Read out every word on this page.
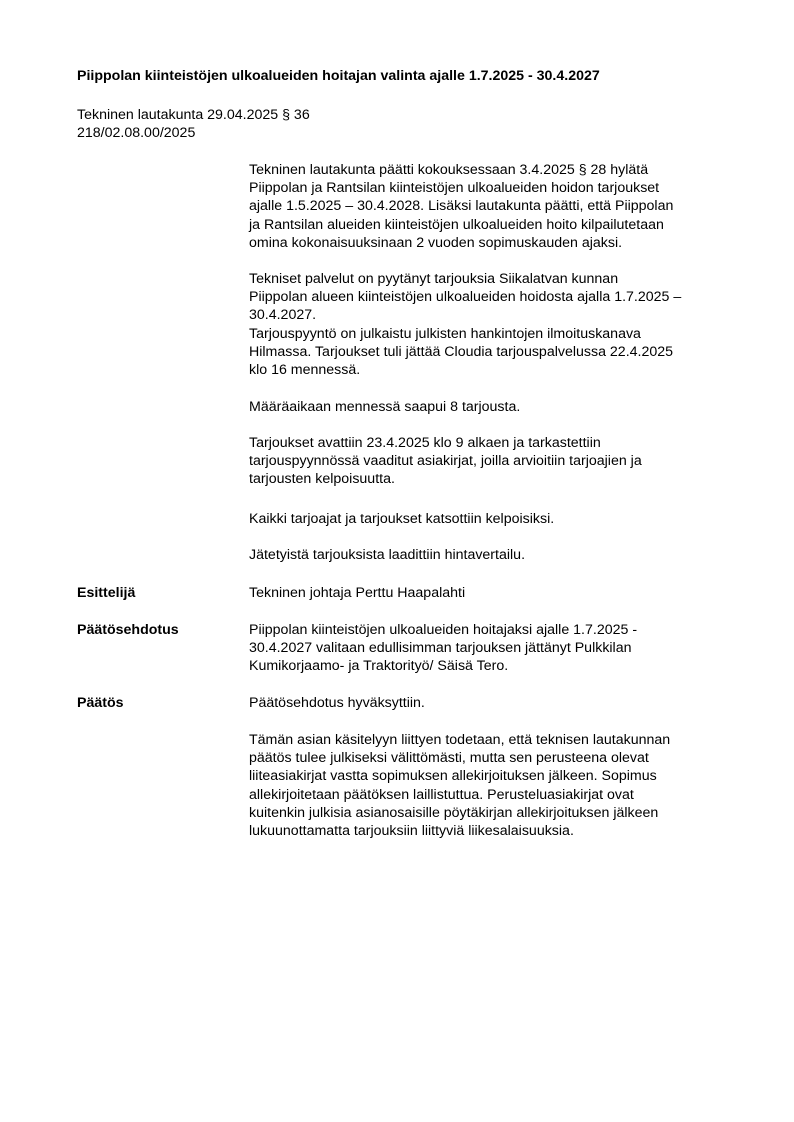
Piippolan kiinteistöjen ulkoalueiden hoitajan valinta ajalle 1.7.2025 - 30.4.2027
Tekninen lautakunta 29.04.2025 § 36
218/02.08.00/2025

Tekninen lautakunta päätti kokouksessaan 3.4.2025 § 28 hylätä
Piippolan ja Rantsilan kiinteistöjen ulkoalueiden hoidon tarjoukset
ajalle 1.5.2025 – 30.4.2028. Lisäksi lautakunta päätti, että Piippolan
ja Rantsilan alueiden kiinteistöjen ulkoalueiden hoito kilpailutetaan
omina kokonaisuuksinaan 2 vuoden sopimuskauden ajaksi.

Tekniset palvelut on pyytänyt tarjouksia Siikalatvan kunnan
Piippolan alueen kiinteistöjen ulkoalueiden hoidosta ajalla 1.7.2025 –
30.4.2027.

Tarjouspyyntö on julkaistu julkisten hankintojen ilmoituskanava
Hilmassa. Tarjoukset tuli jättää Cloudia tarjouspalvelussa 22.4.2025
klo 16 mennessä.

Määräaikaan mennessä saapui 8 tarjousta.

Tarjoukset avattiin 23.4.2025 klo 9 alkaen ja tarkastettiin
tarjouspyynnössä vaaditut asiakirjat, joilla arvioitiin tarjoajien ja
tarjousten kelpoisuutta.

Kaikki tarjoajat ja tarjoukset katsottiin kelpoisiksi.

Jätetyistä tarjouksista laadittiin hintavertailu.

Esittelijä	Tekninen johtaja Perttu Haapalahti

Päätösehdotus	Piippolan kiinteistöjen ulkoalueiden hoitajaksi ajalle 1.7.2025 -
30.4.2027 valitaan edullisimman tarjouksen jättänyt Pulkkilan
Kumikorjaamo- ja Traktorityö/ Säisä Tero.

Päätös	Päätösehdotus hyväksyttiin.

Tämän asian käsitelyyn liittyen todetaan, että teknisen lautakunnan
päätös tulee julkiseksi välittömästi, mutta sen perusteena olevat
liiteasiakirjat vastta sopimuksen allekirjoituksen jälkeen. Sopimus
allekirjoitetaan päätöksen laillistuttua. Perusteluasiakirjat ovat
kuitenkin julkisia asianosaisille pöytäkirjan allekirjoituksen jälkeen
lukuunottamatta tarjouksiin liittyviä liikesalaisuuksia.
